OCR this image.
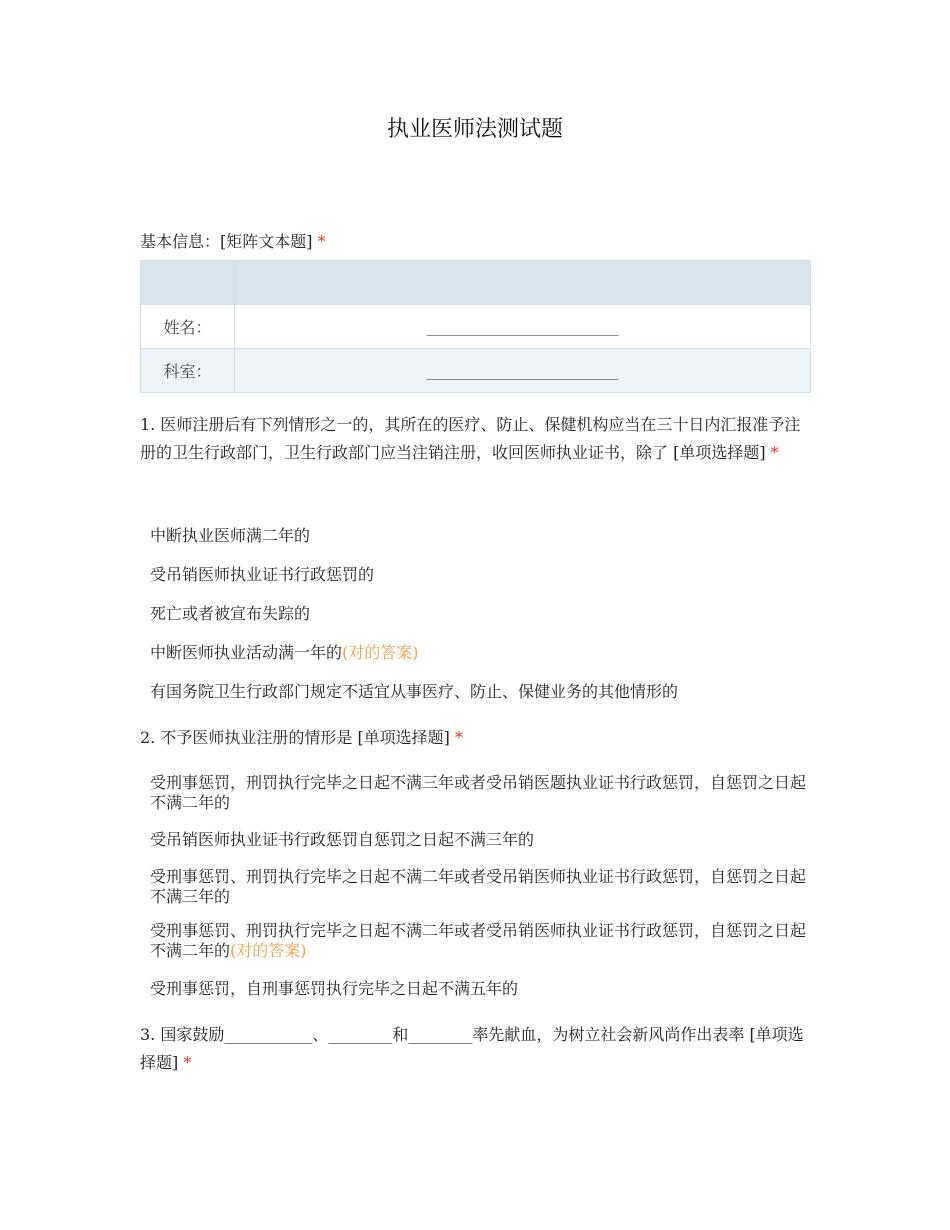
执业医师法测试题
基本信息：[矩阵文本题] *

姓名：	________________________
科室：	________________________
1. 医师注册后有下列情形之一的，其所在的医疗、防止、保健机构应当在三十日内汇报准予注册的卫生行政部门，卫生行政部门应当注销注册，收回医师执业证书，除了 [单项选择题] *
中断执业医师满二年的
受吊销医师执业证书行政惩罚的
死亡或者被宣布失踪的
中断医师执业活动满一年的(对的答案)
有国务院卫生行政部门规定不适宜从事医疗、防止、保健业务的其他情形的
2. 不予医师执业注册的情形是 [单项选择题] *
受刑事惩罚，刑罚执行完毕之日起不满三年或者受吊销医题执业证书行政惩罚，自惩罚之日起不满二年的
受吊销医师执业证书行政惩罚自惩罚之日起不满三年的
受刑事惩罚、刑罚执行完毕之日起不满二年或者受吊销医师执业证书行政惩罚，自惩罚之日起不满三年的
受刑事惩罚、刑罚执行完毕之日起不满二年或者受吊销医师执业证书行政惩罚，自惩罚之日起不满二年的(对的答案)
受刑事惩罚，自刑事惩罚执行完毕之日起不满五年的
3. 国家鼓励___________、________和________率先献血，为树立社会新风尚作出表率 [单项选择题] *
